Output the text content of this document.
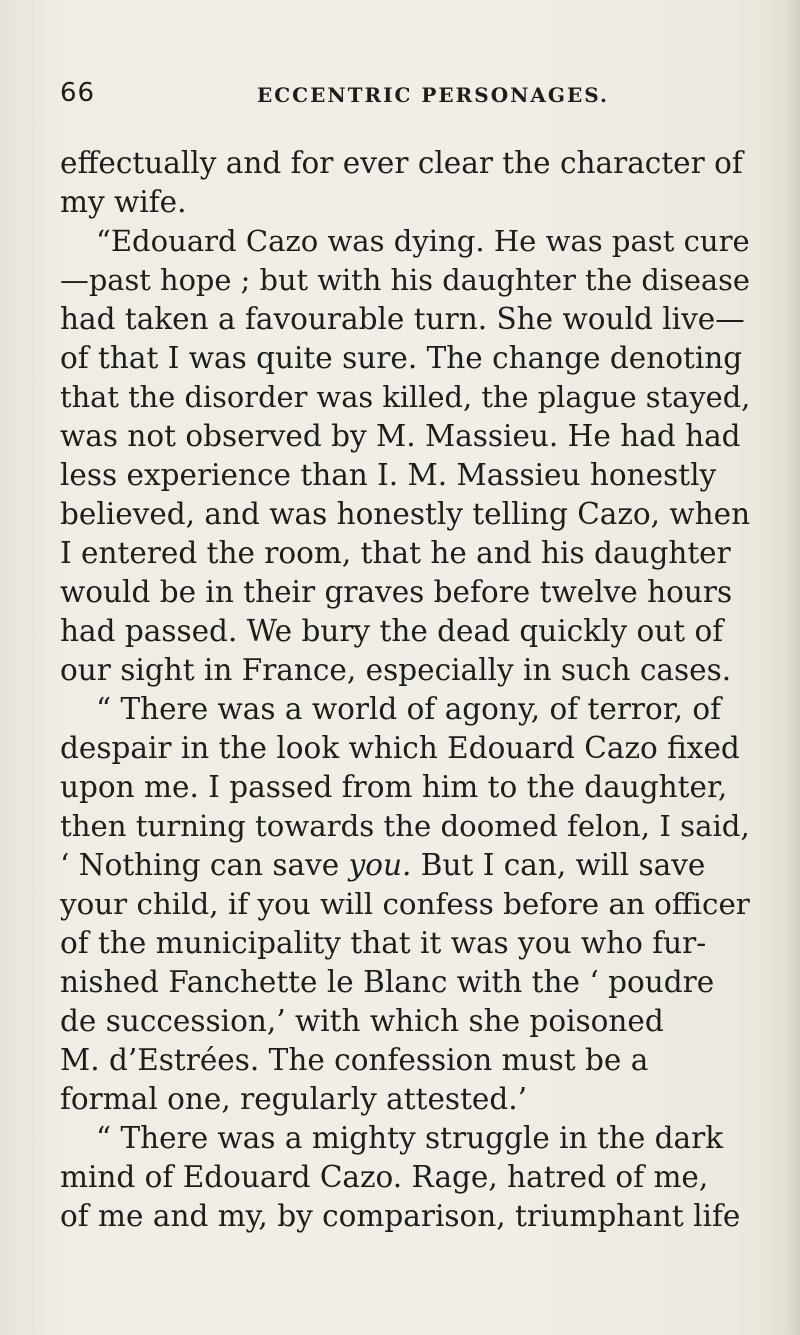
66	ECCENTRIC PERSONAGES.
effectually and for ever clear the character of
my wife.
“Edouard Cazo was dying. He was past cure
—past hope ; but with his daughter the disease
had taken a favourable turn. She would live—
of that I was quite sure. The change denoting
that the disorder was killed, the plague stayed,
was not observed by M. Massieu. He had had
less experience than I. M. Massieu honestly
believed, and was honestly telling Cazo, when
I entered the room, that he and his daughter
would be in their graves before twelve hours
had passed. We bury the dead quickly out of
our sight in France, especially in such cases.
“ There was a world of agony, of terror, of
despair in the look which Edouard Cazo fixed
upon me. I passed from him to the daughter,
then turning towards the doomed felon, I said,
‘ Nothing can save you. But I can, will save
your child, if you will confess before an officer
of the municipality that it was you who fur-
nished Fanchette le Blanc with the ‘ poudre
de succession,’ with which she poisoned
M. d’Estrées. The confession must be a
formal one, regularly attested.’
“ There was a mighty struggle in the dark
mind of Edouard Cazo. Rage, hatred of me,
of me and my, by comparison, triumphant life
